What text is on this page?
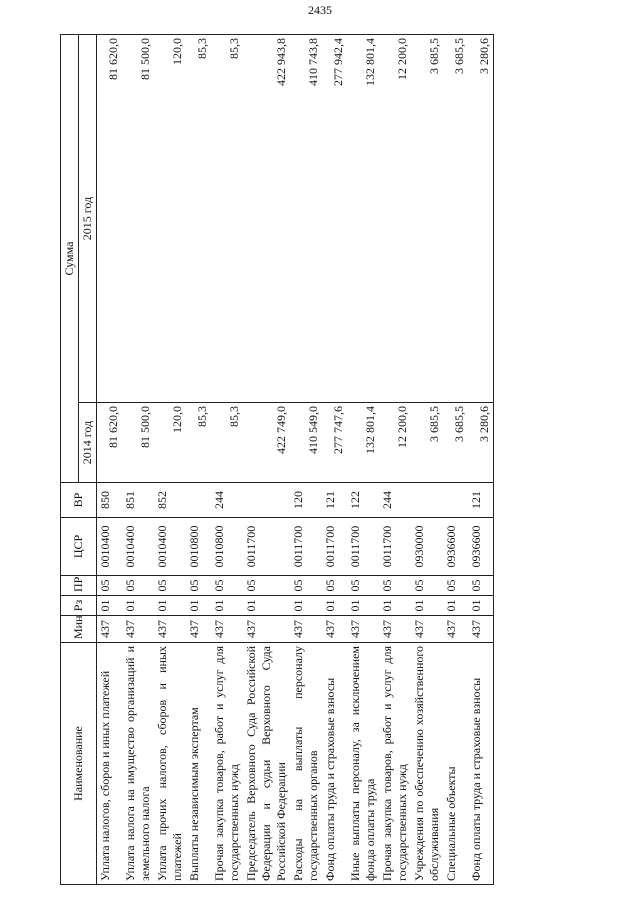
2435
Наименование	Мин	Рз	ПР	ЦСР	ВР	Сумма	
						2014 год	2015 год
Уплата налогов, сборов и иных платежей	437	01	05	0010400	850	81 620,0	81 620,0
Уплата налога на имущество организаций и земельного налога	437	01	05	0010400	851	81 500,0	81 500,0
Уплата прочих налогов, сборов и иных платежей	437	01	05	0010400	852	120,0	120,0
Выплаты независимым экспертам	437	01	05	0010800		85,3	85,3
Прочая закупка товаров, работ и услуг для государственных нужд	437	01	05	0010800	244	85,3	85,3
Председатель Верховного Суда Российской Федерации и судьи Верховного Суда Российской Федерации	437	01	05	0011700		422 749,0	422 943,8
Расходы на выплаты персоналу государственных органов	437	01	05	0011700	120	410 549,0	410 743,8
Фонд оплаты труда и страховые взносы	437	01	05	0011700	121	277 747,6	277 942,4
Иные выплаты персоналу, за исключением фонда оплаты труда	437	01	05	0011700	122	132 801,4	132 801,4
Прочая закупка товаров, работ и услуг для государственных нужд	437	01	05	0011700	244	12 200,0	12 200,0
Учреждения по обеспечению хозяйственного обслуживания	437	01	05	0930000		3 685,5	3 685,5
Специальные объекты	437	01	05	0936600		3 685,5	3 685,5
Фонд оплаты труда и страховые взносы	437	01	05	0936600	121	3 280,6	3 280,6
